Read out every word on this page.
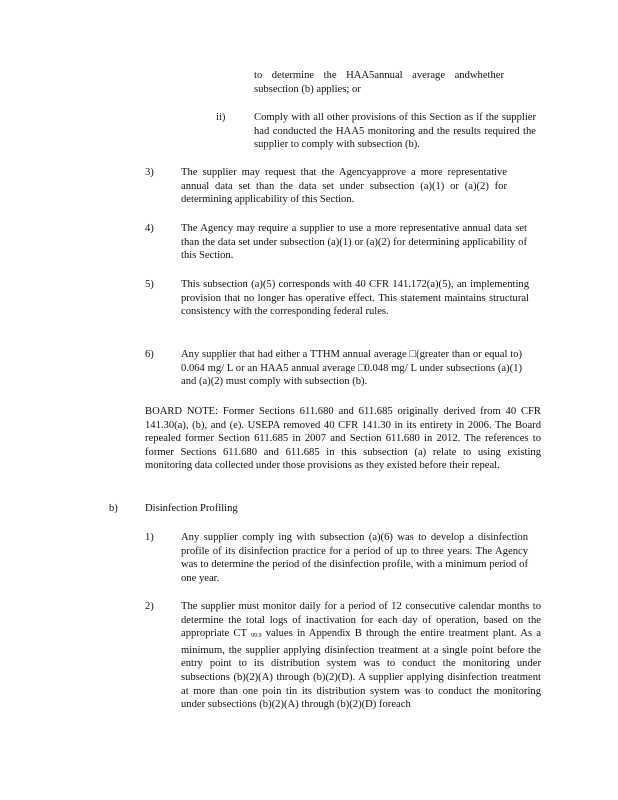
to determine the HAA5annual average andwhether subsection (b) applies; or

ii)	Comply with all other provisions of this Section as if the supplier had conducted the HAA5 monitoring and the results required the supplier to comply with subsection (b).

3)	The supplier may request that the Agencyapprove a more representative annual data set than the data set under subsection (a)(1) or (a)(2) for determining applicability of this Section.

4)	The Agency may require a supplier to use a more representative annual data set than the data set under subsection (a)(1) or (a)(2) for determining applicability of this Section.

5)	This subsection (a)(5) corresponds with 40 CFR 141.172(a)(5), an implementing provision that no longer has operative effect. This statement maintains structural consistency with the corresponding federal rules.

6)	Any supplier that had either a TTHM annual average □(greater than or equal to) 0.064 mg/ L or an HAA5 annual average □0.048 mg/ L under subsections (a)(1) and (a)(2) must comply with subsection (b).

BOARD NOTE: Former Sections 611.680 and 611.685 originally derived from 40 CFR 141.30(a), (b), and (e). USEPA removed 40 CFR 141.30 in its entirety in 2006. The Board repealed former Section 611.685 in 2007 and Section 611.680 in 2012. The references to former Sections 611.680 and 611.685 in this subsection (a) relate to using existing monitoring data collected under those provisions as they existed before their repeal.

b)	Disinfection Profiling

1)	Any supplier comply ing with subsection (a)(6) was to develop a disinfection profile of its disinfection practice for a period of up to three years. The Agency was to determine the period of the disinfection profile, with a minimum period of one year.

2)	The supplier must monitor daily for a period of 12 consecutive calendar months to determine the total logs of inactivation for each day of operation, based on the appropriate CT $_{99.9}$ values in Appendix B through the entire treatment plant. As a minimum, the supplier applying disinfection treatment at a single point before the entry point to its distribution system was to conduct the monitoring under subsections (b)(2)(A) through (b)(2)(D). A supplier applying disinfection treatment at more than one poin tin its distribution system was to conduct the monitoring under subsections (b)(2)(A) through (b)(2)(D) foreach
